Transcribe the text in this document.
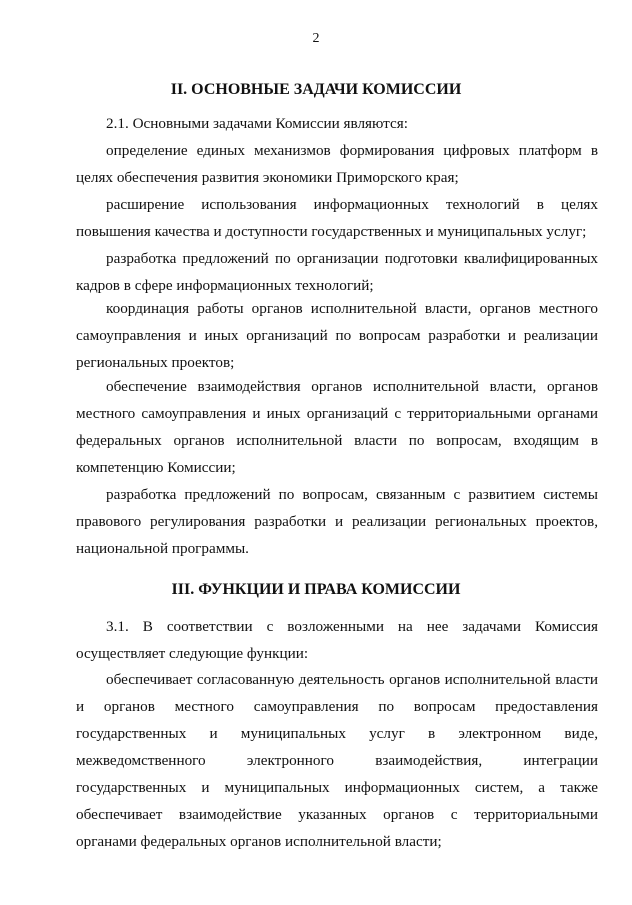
2
II. ОСНОВНЫЕ ЗАДАЧИ КОМИССИИ
2.1. Основными задачами Комиссии являются:
определение единых механизмов формирования цифровых платформ в целях обеспечения развития экономики Приморского края;
расширение использования информационных технологий в целях повышения качества и доступности государственных и муниципальных услуг;
разработка предложений по организации подготовки квалифицированных кадров в сфере информационных технологий;
координация работы органов исполнительной власти, органов местного самоуправления и иных организаций по вопросам разработки и реализации региональных проектов;
обеспечение взаимодействия органов исполнительной власти, органов местного самоуправления и иных организаций с территориальными органами федеральных органов исполнительной власти по вопросам, входящим в компетенцию Комиссии;
разработка предложений по вопросам, связанным с развитием системы правового регулирования разработки и реализации региональных проектов, национальной программы.
III. ФУНКЦИИ И ПРАВА КОМИССИИ
3.1. В соответствии с возложенными на нее задачами Комиссия осуществляет следующие функции:
обеспечивает согласованную деятельность органов исполнительной власти
и органов местного самоуправления по вопросам предоставления
государственных и муниципальных услуг в электронном виде,
межведомственного электронного взаимодействия, интеграции
государственных и муниципальных информационных систем, а также
обеспечивает взаимодействие указанных органов с территориальными
органами федеральных органов исполнительной власти;
